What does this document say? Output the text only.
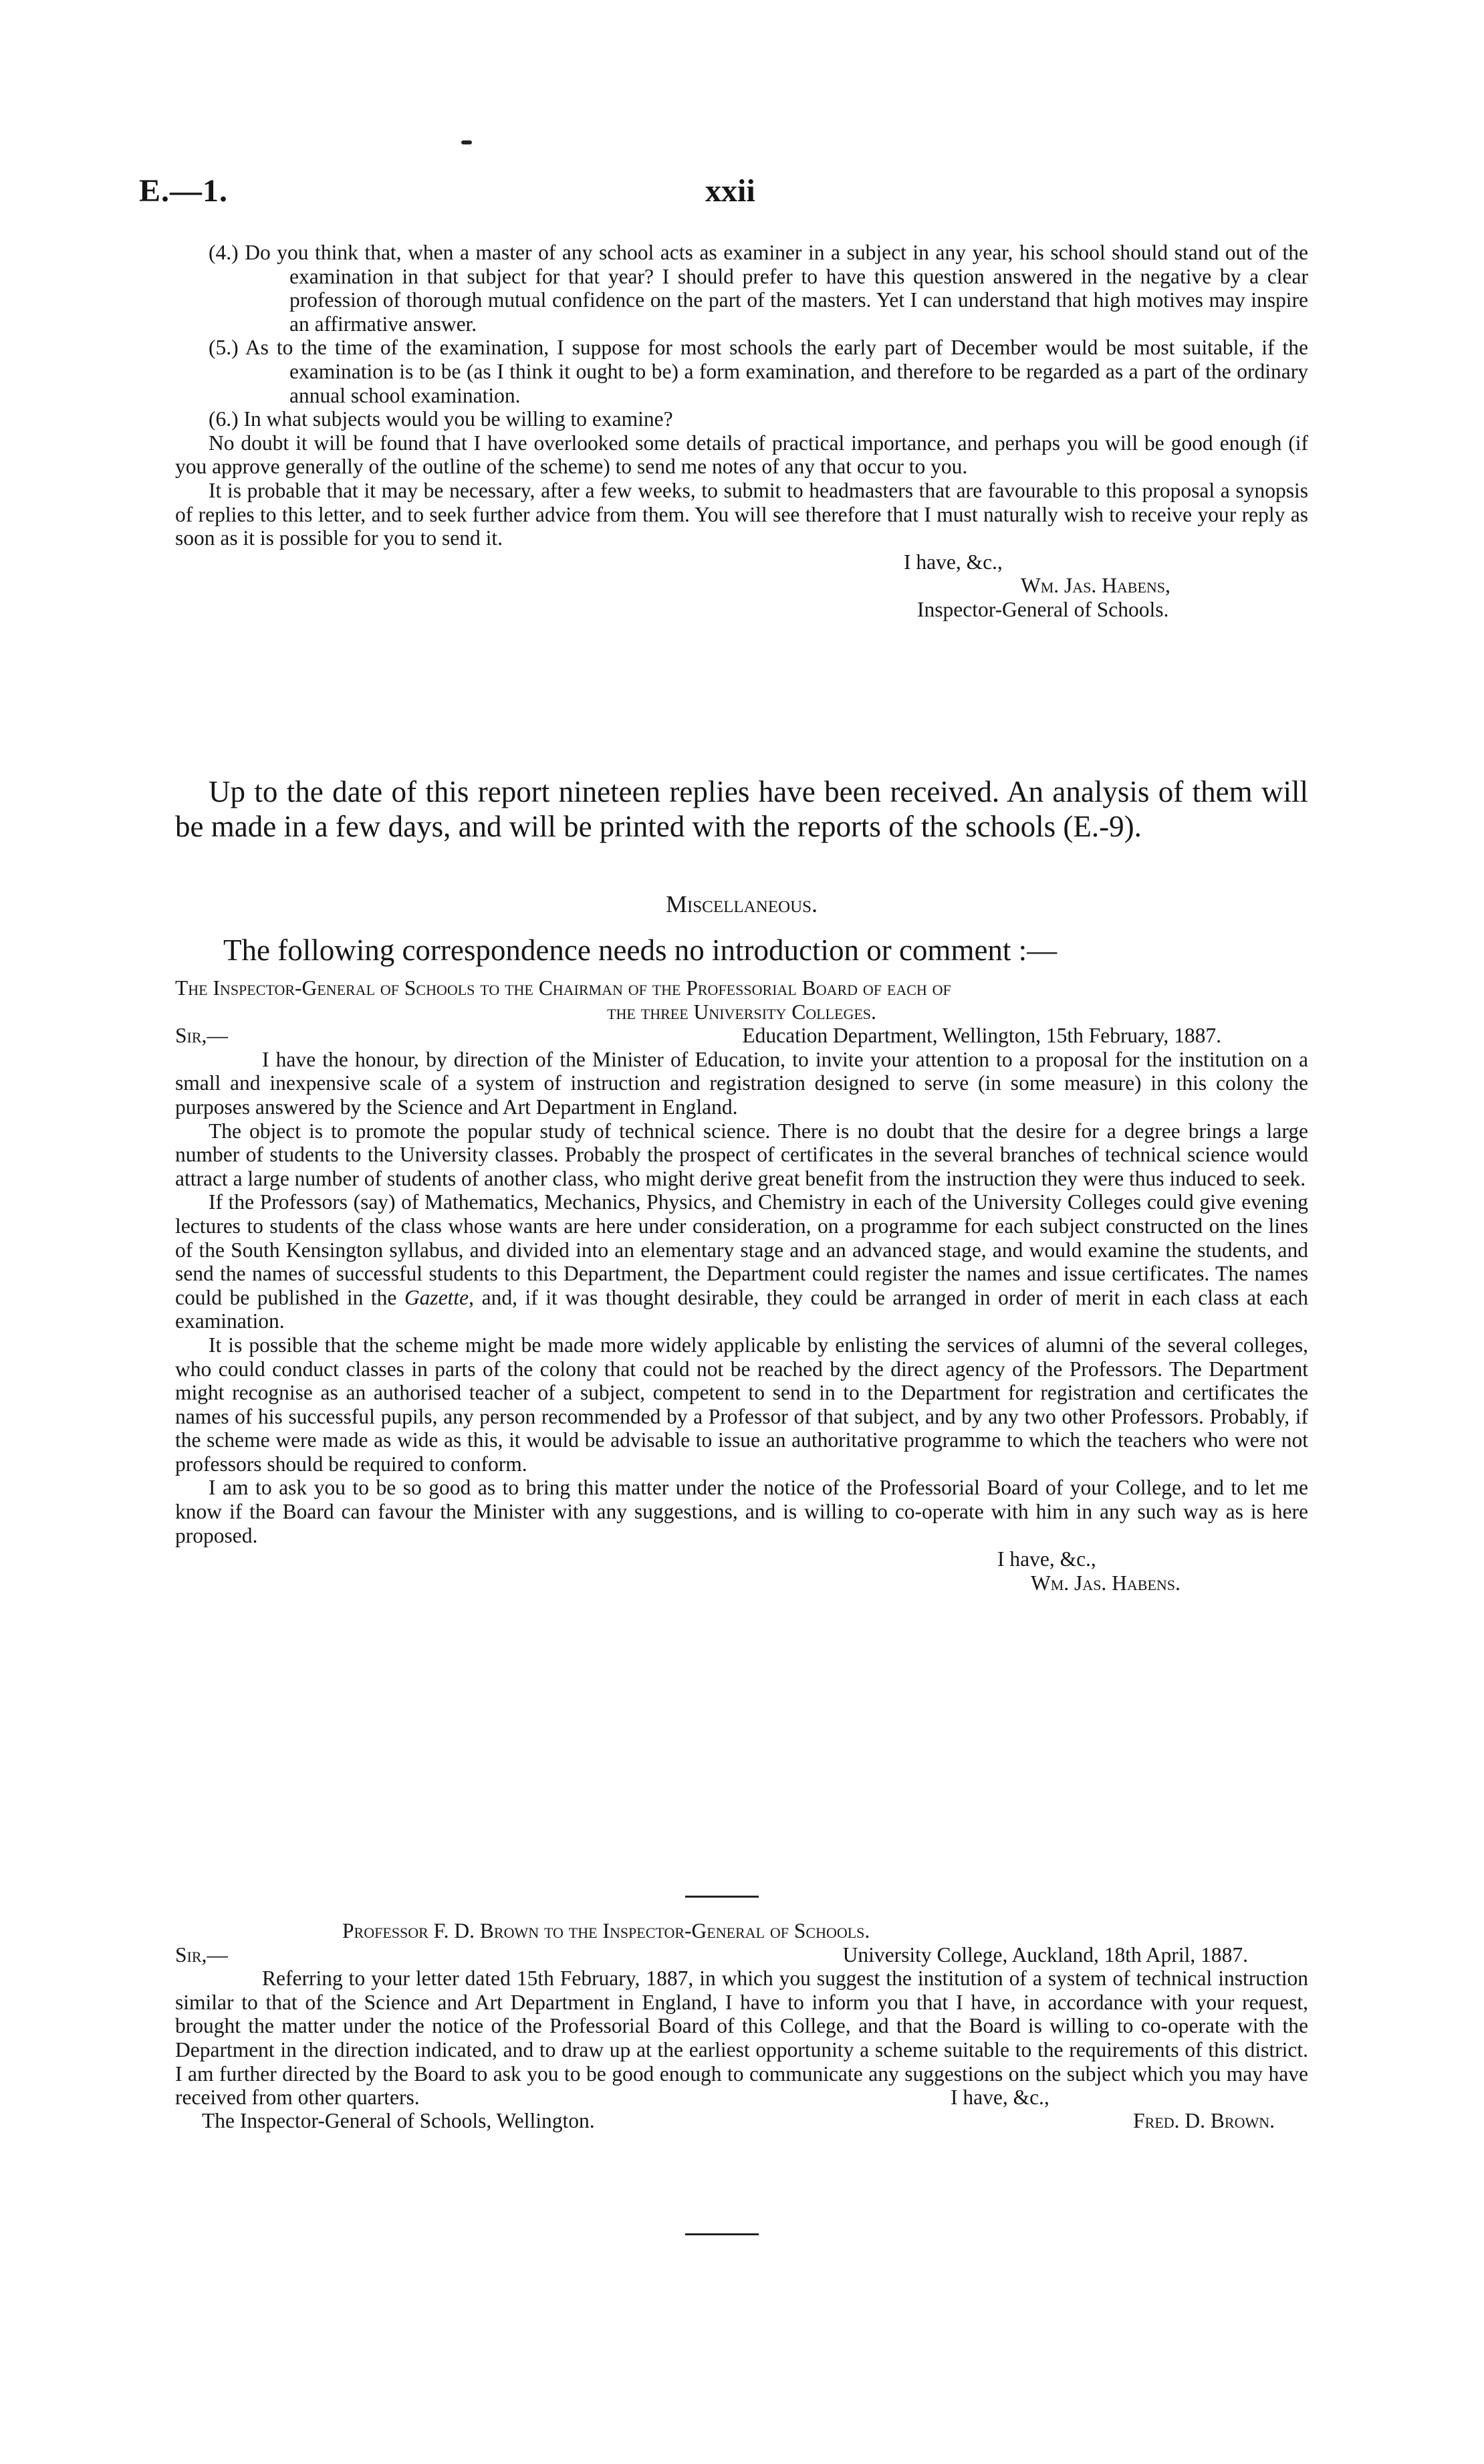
E.—1.	xxii

(4.) Do you think that, when a master of any school acts as examiner in a subject in any year, his school should stand out of the examination in that subject for that year? I should prefer to have this question answered in the negative by a clear profession of thorough mutual confidence on the part of the masters. Yet I can understand that high motives may inspire an affirmative answer.

(5.) As to the time of the examination, I suppose for most schools the early part of December would be most suitable, if the examination is to be (as I think it ought to be) a form examination, and therefore to be regarded as a part of the ordinary annual school examination.

(6.) In what subjects would you be willing to examine?

No doubt it will be found that I have overlooked some details of practical importance, and perhaps you will be good enough (if you approve generally of the outline of the scheme) to send me notes of any that occur to you.

It is probable that it may be necessary, after a few weeks, to submit to headmasters that are favourable to this proposal a synopsis of replies to this letter, and to seek further advice from them. You will see therefore that I must naturally wish to receive your reply as soon as it is possible for you to send it.

I have, &c.,
Wm. Jas. Habens,
Inspector-General of Schools.

Up to the date of this report nineteen replies have been received. An analysis of them will be made in a few days, and will be printed with the reports of the schools (E.-9).

Miscellaneous.
The following correspondence needs no introduction or comment :—
The Inspector-General of Schools to the Chairman of the Professorial Board of each of
the three University Colleges.
Sir,—	Education Department, Wellington, 15th February, 1887.

I have the honour, by direction of the Minister of Education, to invite your attention to a proposal for the institution on a small and inexpensive scale of a system of instruction and registration designed to serve (in some measure) in this colony the purposes answered by the Science and Art Department in England.

The object is to promote the popular study of technical science. There is no doubt that the desire for a degree brings a large number of students to the University classes. Probably the prospect of certificates in the several branches of technical science would attract a large number of students of another class, who might derive great benefit from the instruction they were thus induced to seek.

If the Professors (say) of Mathematics, Mechanics, Physics, and Chemistry in each of the University Colleges could give evening lectures to students of the class whose wants are here under consideration, on a programme for each subject constructed on the lines of the South Kensington syllabus, and divided into an elementary stage and an advanced stage, and would examine the students, and send the names of successful students to this Department, the Department could register the names and issue certificates. The names could be published in the Gazette, and, if it was thought desirable, they could be arranged in order of merit in each class at each examination.

It is possible that the scheme might be made more widely applicable by enlisting the services of alumni of the several colleges, who could conduct classes in parts of the colony that could not be reached by the direct agency of the Professors. The Department might recognise as an authorised teacher of a subject, competent to send in to the Department for registration and certificates the names of his successful pupils, any person recommended by a Professor of that subject, and by any two other Professors. Probably, if the scheme were made as wide as this, it would be advisable to issue an authoritative programme to which the teachers who were not professors should be required to conform.

I am to ask you to be so good as to bring this matter under the notice of the Professorial Board of your College, and to let me know if the Board can favour the Minister with any suggestions, and is willing to co-operate with him in any such way as is here proposed.

I have, &c.,
Wm. Jas. Habens.
Professor F. D. Brown to the Inspector-General of Schools.
Sir,—	University College, Auckland, 18th April, 1887.

Referring to your letter dated 15th February, 1887, in which you suggest the institution of a system of technical instruction similar to that of the Science and Art Department in England, I have to inform you that I have, in accordance with your request, brought the matter under the notice of the Professorial Board of this College, and that the Board is willing to co-operate with the Department in the direction indicated, and to draw up at the earliest opportunity a scheme suitable to the requirements of this district. I am further directed by the Board to ask you to be good enough to communicate any suggestions on the subject which you may have received from other quarters.	I have, &c.,
The Inspector-General of Schools, Wellington.	Fred. D. Brown.
